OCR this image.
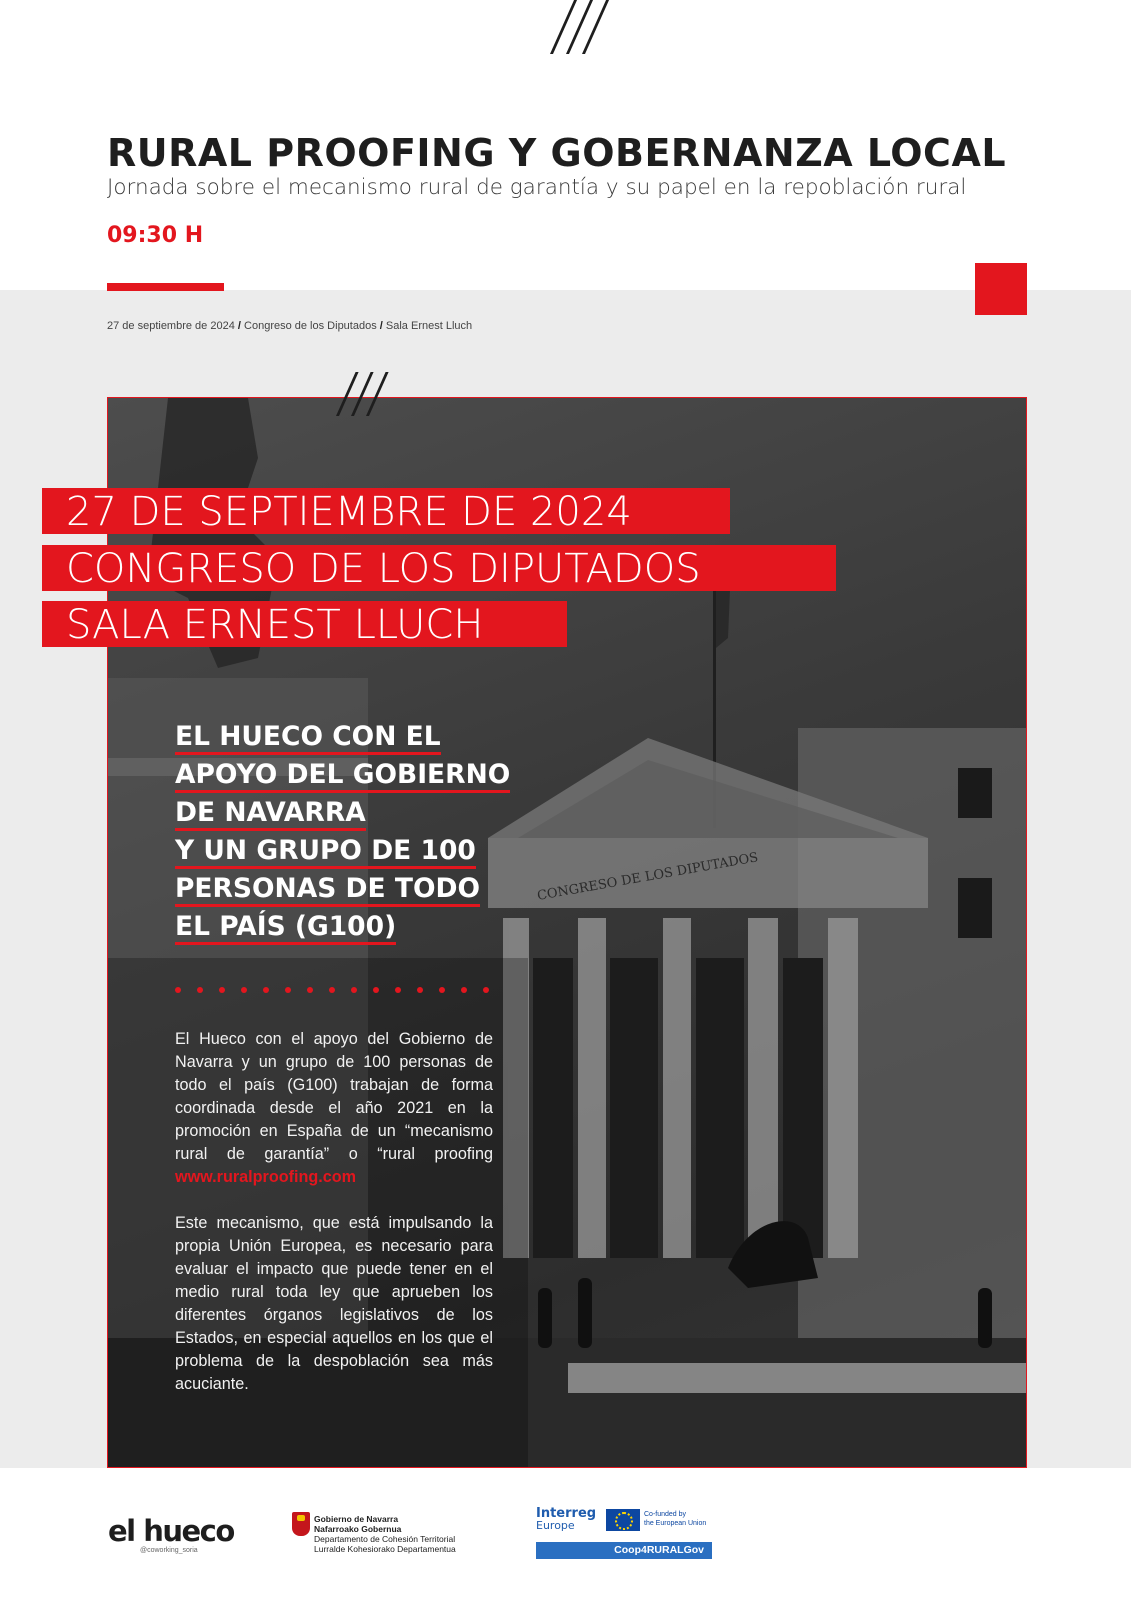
RURAL PROOFING Y GOBERNANZA LOCAL
Jornada sobre el mecanismo rural de garantía y su papel en la repoblación rural
09:30 H
27 de septiembre de 2024 / Congreso de los Diputados / Sala Ernest Lluch
CONGRESO DE LOS DIPUTADOS
27 DE SEPTIEMBRE DE 2024
CONGRESO DE LOS DIPUTADOS
SALA ERNEST LLUCH
EL HUECO CON EL
APOYO DEL GOBIERNO
DE NAVARRA
Y UN GRUPO DE 100
PERSONAS DE TODO
EL PAÍS (G100)
El Hueco con el apoyo del Gobierno de Navarra y un grupo de 100 personas de todo el país (G100) trabajan de forma coordinada desde el año 2021 en la promoción en España de un “mecanismo rural de garantía” o “rural proofing www.ruralproofing.com
Este mecanismo, que está impulsando la propia Unión Europea, es necesario para evaluar el impacto que puede tener en el medio rural toda ley que aprueben los diferentes órganos legislativos de los Estados, en especial aquellos en los que el problema de la despoblación sea más acuciante.
el hueco
@coworking_soria
Gobierno de Navarra
Nafarroako Gobernua
Departamento de Cohesión Territorial
Lurralde Kohesiorako Departamentua
Interreg
Europe
Co-funded by
the European Union
Coop4RURALGov
